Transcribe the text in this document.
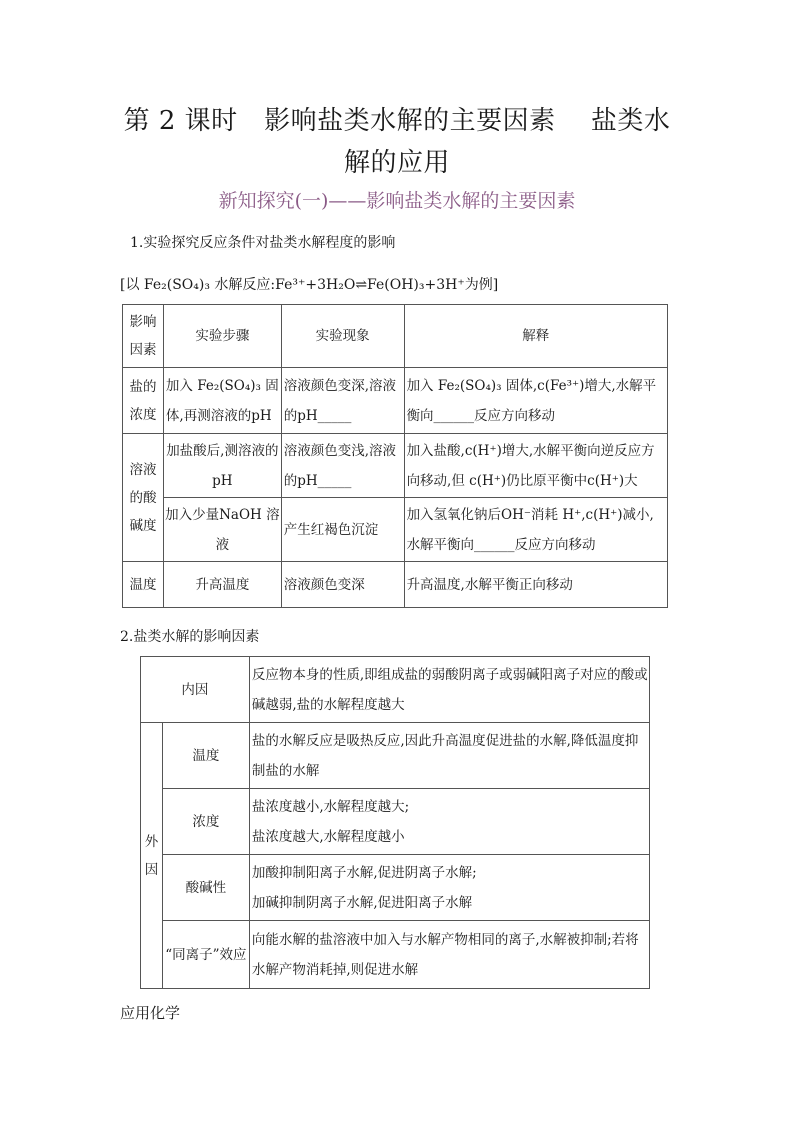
第 2 课时　影响盐类水解的主要因素　 盐类水
解的应用
新知探究(一)——影响盐类水解的主要因素
1.实验探究反应条件对盐类水解程度的影响
[以 Fe₂(SO₄)₃ 水解反应:Fe³⁺+3H₂O⇌Fe(OH)₃+3H⁺为例]
影响因素	实验步骤	实验现象	解释
盐的浓度	加入 Fe₂(SO₄)₃ 固体,再测溶液的pH	溶液颜色变深,溶液的pH_____	加入 Fe₂(SO₄)₃ 固体,c(Fe³⁺)增大,水解平衡向______反应方向移动
溶液的酸碱度	加盐酸后,测溶液的pH	溶液颜色变浅,溶液的pH_____	加入盐酸,c(H⁺)增大,水解平衡向逆反应方向移动,但 c(H⁺)仍比原平衡中c(H⁺)大
	加入少量NaOH 溶液	产生红褐色沉淀	加入氢氧化钠后OH⁻消耗 H⁺,c(H⁺)减小,水解平衡向______反应方向移动
温度	升高温度	溶液颜色变深	升高温度,水解平衡正向移动
2.盐类水解的影响因素
内因		反应物本身的性质,即组成盐的弱酸阴离子或弱碱阳离子对应的酸或碱越弱,盐的水解程度越大
外因	温度	盐的水解反应是吸热反应,因此升高温度促进盐的水解,降低温度抑制盐的水解
	浓度	盐浓度越小,水解程度越大;
盐浓度越大,水解程度越小

	酸碱性	加酸抑制阳离子水解,促进阴离子水解;
加碱抑制阴离子水解,促进阳离子水解

	“同离子”效应	向能水解的盐溶液中加入与水解产物相同的离子,水解被抑制;若将水解产物消耗掉,则促进水解
应用化学
